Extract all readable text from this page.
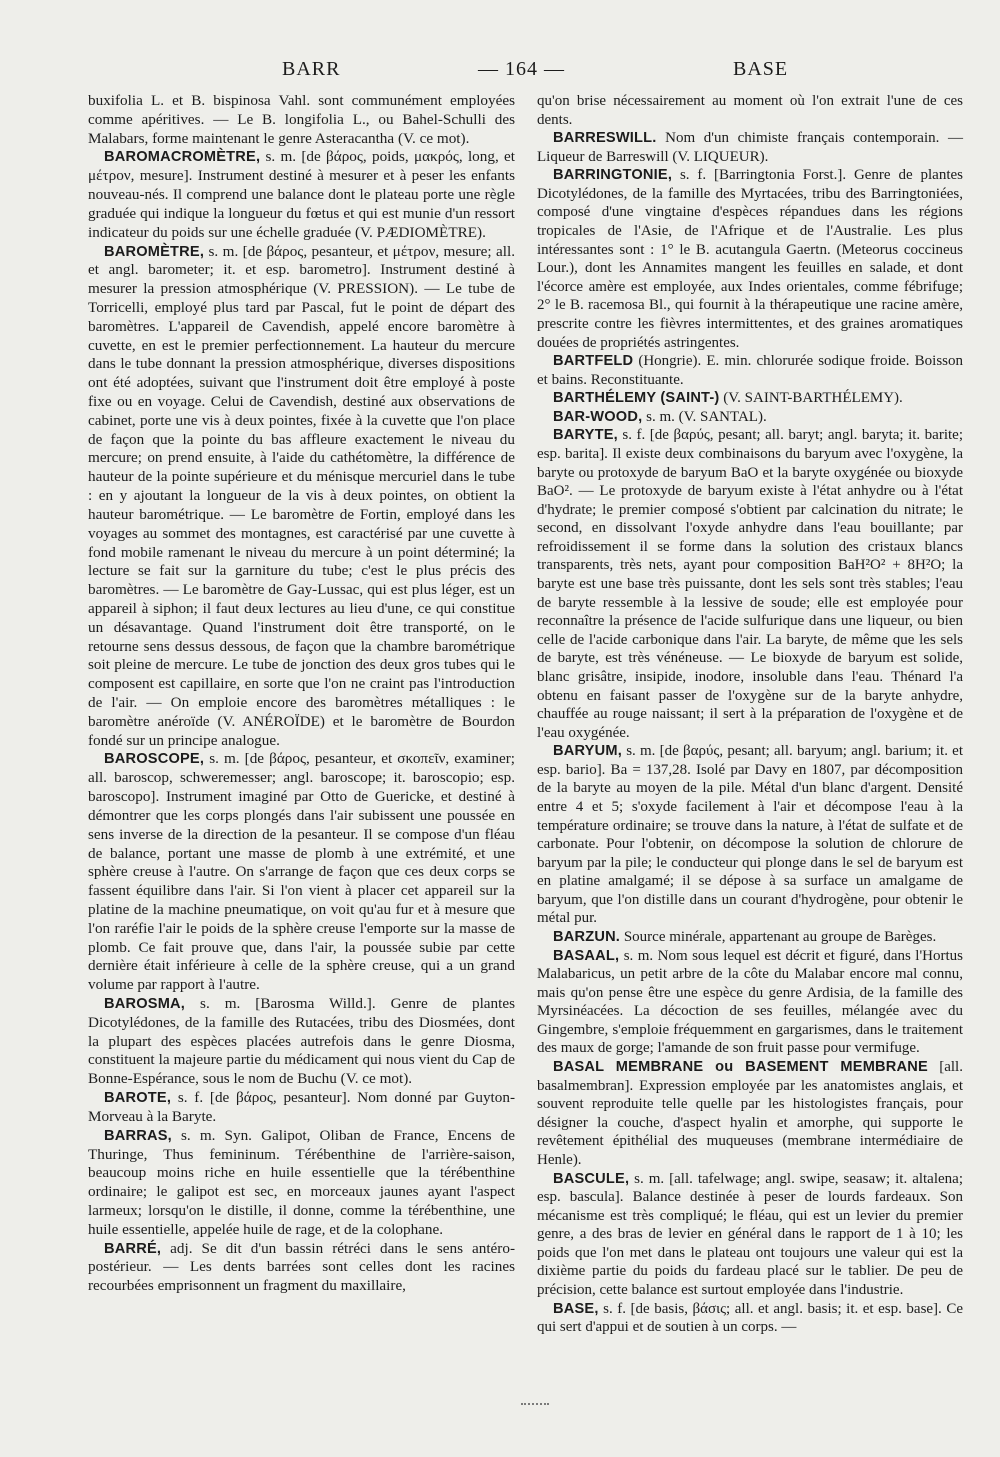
BARR	— 164 —	BASE

buxifolia L. et B. bispinosa Vahl. sont communément employées comme apéritives. — Le B. longifolia L., ou Bahel-Schulli des Malabars, forme maintenant le genre Asteracantha (V. ce mot).

BAROMACROMÈTRE, s. m. [de βάρος, poids, μακρός, long, et μέτρον, mesure]. Instrument destiné à mesurer et à peser les enfants nouveau-nés. Il comprend une balance dont le plateau porte une règle graduée qui indique la longueur du fœtus et qui est munie d'un ressort indicateur du poids sur une échelle graduée (V. PÆDIOMÈTRE).

BAROMÈTRE, s. m. [de βάρος, pesanteur, et μέτρον, mesure; all. et angl. barometer; it. et esp. barometro]. Instrument destiné à mesurer la pression atmosphérique (V. PRESSION). — Le tube de Torricelli, employé plus tard par Pascal, fut le point de départ des baromètres. L'appareil de Cavendish, appelé encore baromètre à cuvette, en est le premier perfectionnement. La hauteur du mercure dans le tube donnant la pression atmosphérique, diverses dispositions ont été adoptées, suivant que l'instrument doit être employé à poste fixe ou en voyage. Celui de Cavendish, destiné aux observations de cabinet, porte une vis à deux pointes, fixée à la cuvette que l'on place de façon que la pointe du bas affleure exactement le niveau du mercure; on prend ensuite, à l'aide du cathétomètre, la différence de hauteur de la pointe supérieure et du ménisque mercuriel dans le tube : en y ajoutant la longueur de la vis à deux pointes, on obtient la hauteur barométrique. — Le baromètre de Fortin, employé dans les voyages au sommet des montagnes, est caractérisé par une cuvette à fond mobile ramenant le niveau du mercure à un point déterminé; la lecture se fait sur la garniture du tube; c'est le plus précis des baromètres. — Le baromètre de Gay-Lussac, qui est plus léger, est un appareil à siphon; il faut deux lectures au lieu d'une, ce qui constitue un désavantage. Quand l'instrument doit être transporté, on le retourne sens dessus dessous, de façon que la chambre barométrique soit pleine de mercure. Le tube de jonction des deux gros tubes qui le composent est capillaire, en sorte que l'on ne craint pas l'introduction de l'air. — On emploie encore des baromètres métalliques : le baromètre anéroïde (V. ANÉROÏDE) et le baromètre de Bourdon fondé sur un principe analogue.

BAROSCOPE, s. m. [de βάρος, pesanteur, et σκοπεῖν, examiner; all. baroscop, schweremesser; angl. baroscope; it. baroscopio; esp. baroscopo]. Instrument imaginé par Otto de Guericke, et destiné à démontrer que les corps plongés dans l'air subissent une poussée en sens inverse de la direction de la pesanteur. Il se compose d'un fléau de balance, portant une masse de plomb à une extrémité, et une sphère creuse à l'autre. On s'arrange de façon que ces deux corps se fassent équilibre dans l'air. Si l'on vient à placer cet appareil sur la platine de la machine pneumatique, on voit qu'au fur et à mesure que l'on raréfie l'air le poids de la sphère creuse l'emporte sur la masse de plomb. Ce fait prouve que, dans l'air, la poussée subie par cette dernière était inférieure à celle de la sphère creuse, qui a un grand volume par rapport à l'autre.

BAROSMA, s. m. [Barosma Willd.]. Genre de plantes Dicotylédones, de la famille des Rutacées, tribu des Diosmées, dont la plupart des espèces placées autrefois dans le genre Diosma, constituent la majeure partie du médicament qui nous vient du Cap de Bonne-Espérance, sous le nom de Buchu (V. ce mot).

BAROTE, s. f. [de βάρος, pesanteur]. Nom donné par Guyton-Morveau à la Baryte.

BARRAS, s. m. Syn. Galipot, Oliban de France, Encens de Thuringe, Thus femininum. Térébenthine de l'arrière-saison, beaucoup moins riche en huile essentielle que la térébenthine ordinaire; le galipot est sec, en morceaux jaunes ayant l'aspect larmeux; lorsqu'on le distille, il donne, comme la térébenthine, une huile essentielle, appelée huile de rage, et de la colophane.

BARRÉ, adj. Se dit d'un bassin rétréci dans le sens antéro-postérieur. — Les dents barrées sont celles dont les racines recourbées emprisonnent un fragment du maxillaire,

qu'on brise nécessairement au moment où l'on extrait l'une de ces dents.

BARRESWILL. Nom d'un chimiste français contemporain. — Liqueur de Barreswill (V. LIQUEUR).

BARRINGTONIE, s. f. [Barringtonia Forst.]. Genre de plantes Dicotylédones, de la famille des Myrtacées, tribu des Barringtoniées, composé d'une vingtaine d'espèces répandues dans les régions tropicales de l'Asie, de l'Afrique et de l'Australie. Les plus intéressantes sont : 1° le B. acutangula Gaertn. (Meteorus coccineus Lour.), dont les Annamites mangent les feuilles en salade, et dont l'écorce amère est employée, aux Indes orientales, comme fébrifuge; 2° le B. racemosa Bl., qui fournit à la thérapeutique une racine amère, prescrite contre les fièvres intermittentes, et des graines aromatiques douées de propriétés astringentes.

BARTFELD (Hongrie). E. min. chlorurée sodique froide. Boisson et bains. Reconstituante.

BARTHÉLEMY (SAINT-) (V. SAINT-BARTHÉLEMY).

BAR-WOOD, s. m. (V. SANTAL).

BARYTE, s. f. [de βαρύς, pesant; all. baryt; angl. baryta; it. barite; esp. barita]. Il existe deux combinaisons du baryum avec l'oxygène, la baryte ou protoxyde de baryum BaO et la baryte oxygénée ou bioxyde BaO². — Le protoxyde de baryum existe à l'état anhydre ou à l'état d'hydrate; le premier composé s'obtient par calcination du nitrate; le second, en dissolvant l'oxyde anhydre dans l'eau bouillante; par refroidissement il se forme dans la solution des cristaux blancs transparents, très nets, ayant pour composition BaH²O² + 8H²O; la baryte est une base très puissante, dont les sels sont très stables; l'eau de baryte ressemble à la lessive de soude; elle est employée pour reconnaître la présence de l'acide sulfurique dans une liqueur, ou bien celle de l'acide carbonique dans l'air. La baryte, de même que les sels de baryte, est très vénéneuse. — Le bioxyde de baryum est solide, blanc grisâtre, insipide, inodore, insoluble dans l'eau. Thénard l'a obtenu en faisant passer de l'oxygène sur de la baryte anhydre, chauffée au rouge naissant; il sert à la préparation de l'oxygène et de l'eau oxygénée.

BARYUM, s. m. [de βαρύς, pesant; all. baryum; angl. barium; it. et esp. bario]. Ba = 137,28. Isolé par Davy en 1807, par décomposition de la baryte au moyen de la pile. Métal d'un blanc d'argent. Densité entre 4 et 5; s'oxyde facilement à l'air et décompose l'eau à la température ordinaire; se trouve dans la nature, à l'état de sulfate et de carbonate. Pour l'obtenir, on décompose la solution de chlorure de baryum par la pile; le conducteur qui plonge dans le sel de baryum est en platine amalgamé; il se dépose à sa surface un amalgame de baryum, que l'on distille dans un courant d'hydrogène, pour obtenir le métal pur.

BARZUN. Source minérale, appartenant au groupe de Barèges.

BASAAL, s. m. Nom sous lequel est décrit et figuré, dans l'Hortus Malabaricus, un petit arbre de la côte du Malabar encore mal connu, mais qu'on pense être une espèce du genre Ardisia, de la famille des Myrsinéacées. La décoction de ses feuilles, mélangée avec du Gingembre, s'emploie fréquemment en gargarismes, dans le traitement des maux de gorge; l'amande de son fruit passe pour vermifuge.

BASAL MEMBRANE ou BASEMENT MEMBRANE [all. basalmembran]. Expression employée par les anatomistes anglais, et souvent reproduite telle quelle par les histologistes français, pour désigner la couche, d'aspect hyalin et amorphe, qui supporte le revêtement épithélial des muqueuses (membrane intermédiaire de Henle).

BASCULE, s. m. [all. tafelwage; angl. swipe, seasaw; it. altalena; esp. bascula]. Balance destinée à peser de lourds fardeaux. Son mécanisme est très compliqué; le fléau, qui est un levier du premier genre, a des bras de levier en général dans le rapport de 1 à 10; les poids que l'on met dans le plateau ont toujours une valeur qui est la dixième partie du poids du fardeau placé sur le tablier. De peu de précision, cette balance est surtout employée dans l'industrie.

BASE, s. f. [de basis, βάσις; all. et angl. basis; it. et esp. base]. Ce qui sert d'appui et de soutien à un corps. —
